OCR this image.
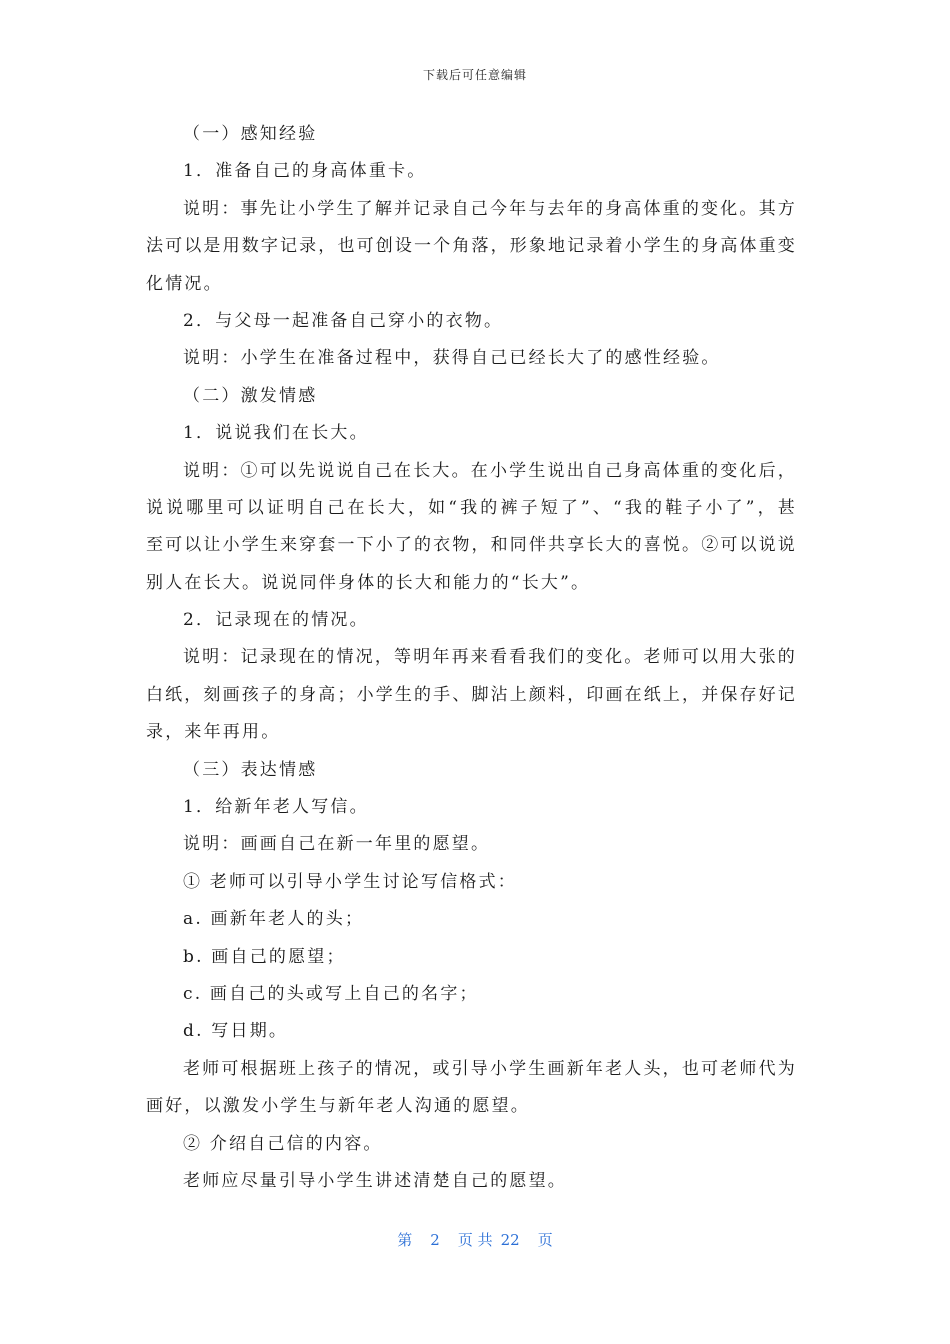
下载后可任意编辑
（一）感知经验
1．准备自己的身高体重卡。
说明：事先让小学生了解并记录自己今年与去年的身高体重的变化。其方
法可以是用数字记录，也可创设一个角落，形象地记录着小学生的身高体重变
化情况。
2．与父母一起准备自己穿小的衣物。
说明：小学生在准备过程中，获得自己已经长大了的感性经验。
（二）激发情感
1．说说我们在长大。
说明：①可以先说说自己在长大。在小学生说出自己身高体重的变化后，
说说哪里可以证明自己在长大，如“我的裤子短了”、“我的鞋子小了”，甚
至可以让小学生来穿套一下小了的衣物，和同伴共享长大的喜悦。②可以说说
别人在长大。说说同伴身体的长大和能力的“长大”。
2．记录现在的情况。
说明：记录现在的情况，等明年再来看看我们的变化。老师可以用大张的
白纸，刻画孩子的身高；小学生的手、脚沾上颜料，印画在纸上，并保存好记
录，来年再用。
（三）表达情感
1．给新年老人写信。
说明：画画自己在新一年里的愿望。
① 老师可以引导小学生讨论写信格式：
a. 画新年老人的头；
b. 画自己的愿望；
c. 画自己的头或写上自己的名字；
d. 写日期。
老师可根据班上孩子的情况，或引导小学生画新年老人头，也可老师代为
画好，以激发小学生与新年老人沟通的愿望。
② 介绍自己信的内容。
老师应尽量引导小学生讲述清楚自己的愿望。
第 2 页 共 22 页
